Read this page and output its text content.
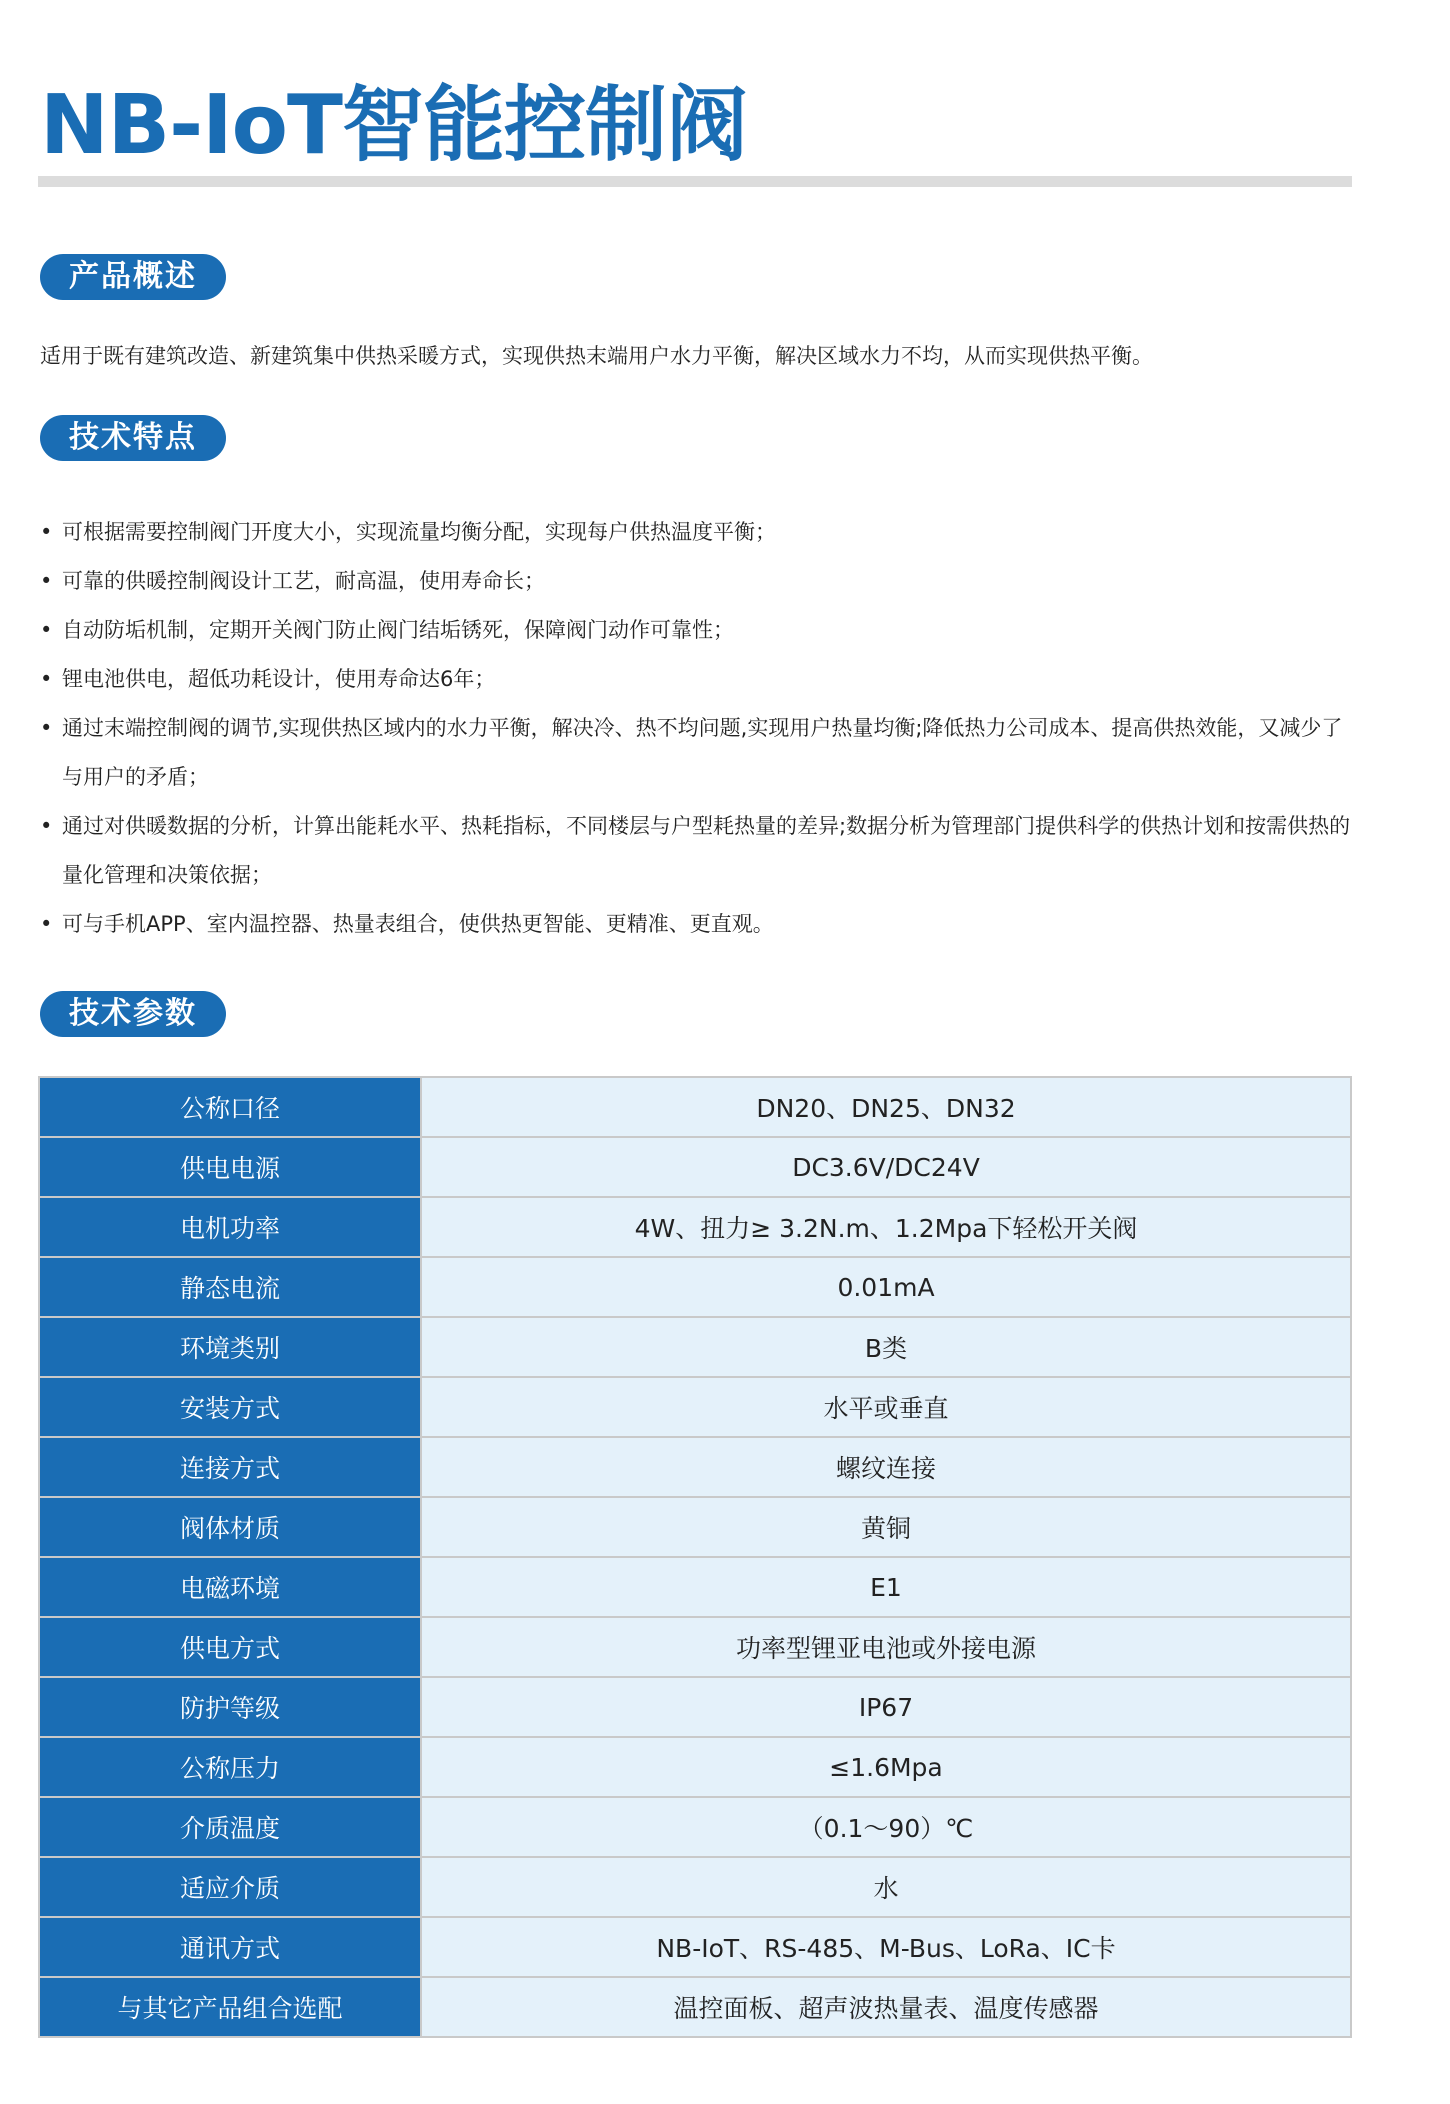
NB-IoT智能控制阀
产品概述
适用于既有建筑改造、新建筑集中供热采暖方式，实现供热末端用户水力平衡，解决区域水力不均，从而实现供热平衡。
技术特点
• 可根据需要控制阀门开度大小，实现流量均衡分配，实现每户供热温度平衡；
• 可靠的供暖控制阀设计工艺，耐高温，使用寿命长；
• 自动防垢机制，定期开关阀门防止阀门结垢锈死，保障阀门动作可靠性；
• 锂电池供电，超低功耗设计，使用寿命达6年；
• 通过末端控制阀的调节,实现供热区域内的水力平衡，解决冷、热不均问题,实现用户热量均衡;降低热力公司成本、提高供热效能，又减少了与用户的矛盾；
• 通过对供暖数据的分析，计算出能耗水平、热耗指标，不同楼层与户型耗热量的差异;数据分析为管理部门提供科学的供热计划和按需供热的量化管理和决策依据；
• 可与手机APP、室内温控器、热量表组合，使供热更智能、更精准、更直观。
技术参数
公称口径	DN20、DN25、DN32
供电电源	DC3.6V/DC24V
电机功率	4W、扭力≥ 3.2N.m、1.2Mpa下轻松开关阀
静态电流	0.01mA
环境类别	B类
安装方式	水平或垂直
连接方式	螺纹连接
阀体材质	黄铜
电磁环境	E1
供电方式	功率型锂亚电池或外接电源
防护等级	IP67
公称压力	≤1.6Mpa
介质温度	（0.1～90）℃
适应介质	水
通讯方式	NB-IoT、RS-485、M-Bus、LoRa、IC卡
与其它产品组合选配	温控面板、超声波热量表、温度传感器
